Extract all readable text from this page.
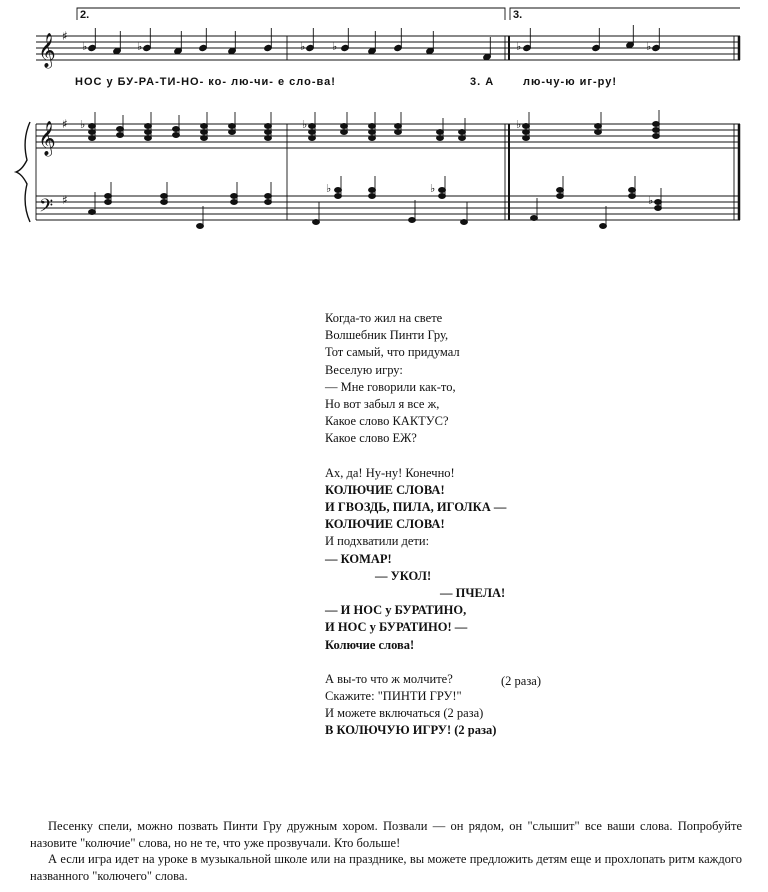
𝄞
𝄞
𝄢
♯
♯
♯
♭	♭	♭ ♭	♭	♭
♭	♭	♭
♭	♭
♭
2.	3.
НОС у БУ-РА-ТИ-НО- ко- лю-чи- е сло-ва!	3. А	лю-чу-ю иг-ру!
Когда-то жил на свете
Волшебник Пинти Гру,
Тот самый, что придумал
Веселую игру:
— Мне говорили как-то,
Но вот забыл я все ж,
Какое слово КАКТУС?
Какое слово ЕЖ?
Ах, да! Ну-ну! Конечно!
КОЛЮЧИЕ СЛОВА!
И ГВОЗДЬ, ПИЛА, ИГОЛКА —
КОЛЮЧИЕ СЛОВА!
И подхватили дети:
— КОМАР!
— УКОЛ!
— ПЧЕЛА!
— И НОС у БУРАТИНО,
И НОС у БУРАТИНО! —
Колючие слова!
А вы-то что ж молчите?	(2 раза)
Скажите: "ПИНТИ ГРУ!"
И можете включаться (2 раза)
В КОЛЮЧУЮ ИГРУ! (2 раза)

Песенку спели, можно позвать Пинти Гру дружным хором. Позвали — он рядом, он "слышит" все ваши слова. Попробуйте назовите "колючие" слова, но не те, что уже прозвучали. Кто больше!

А если игра идет на уроке в музыкальной школе или на празднике, вы можете предложить детям еще и прохлопать ритм каждого названного "колючего" слова.
